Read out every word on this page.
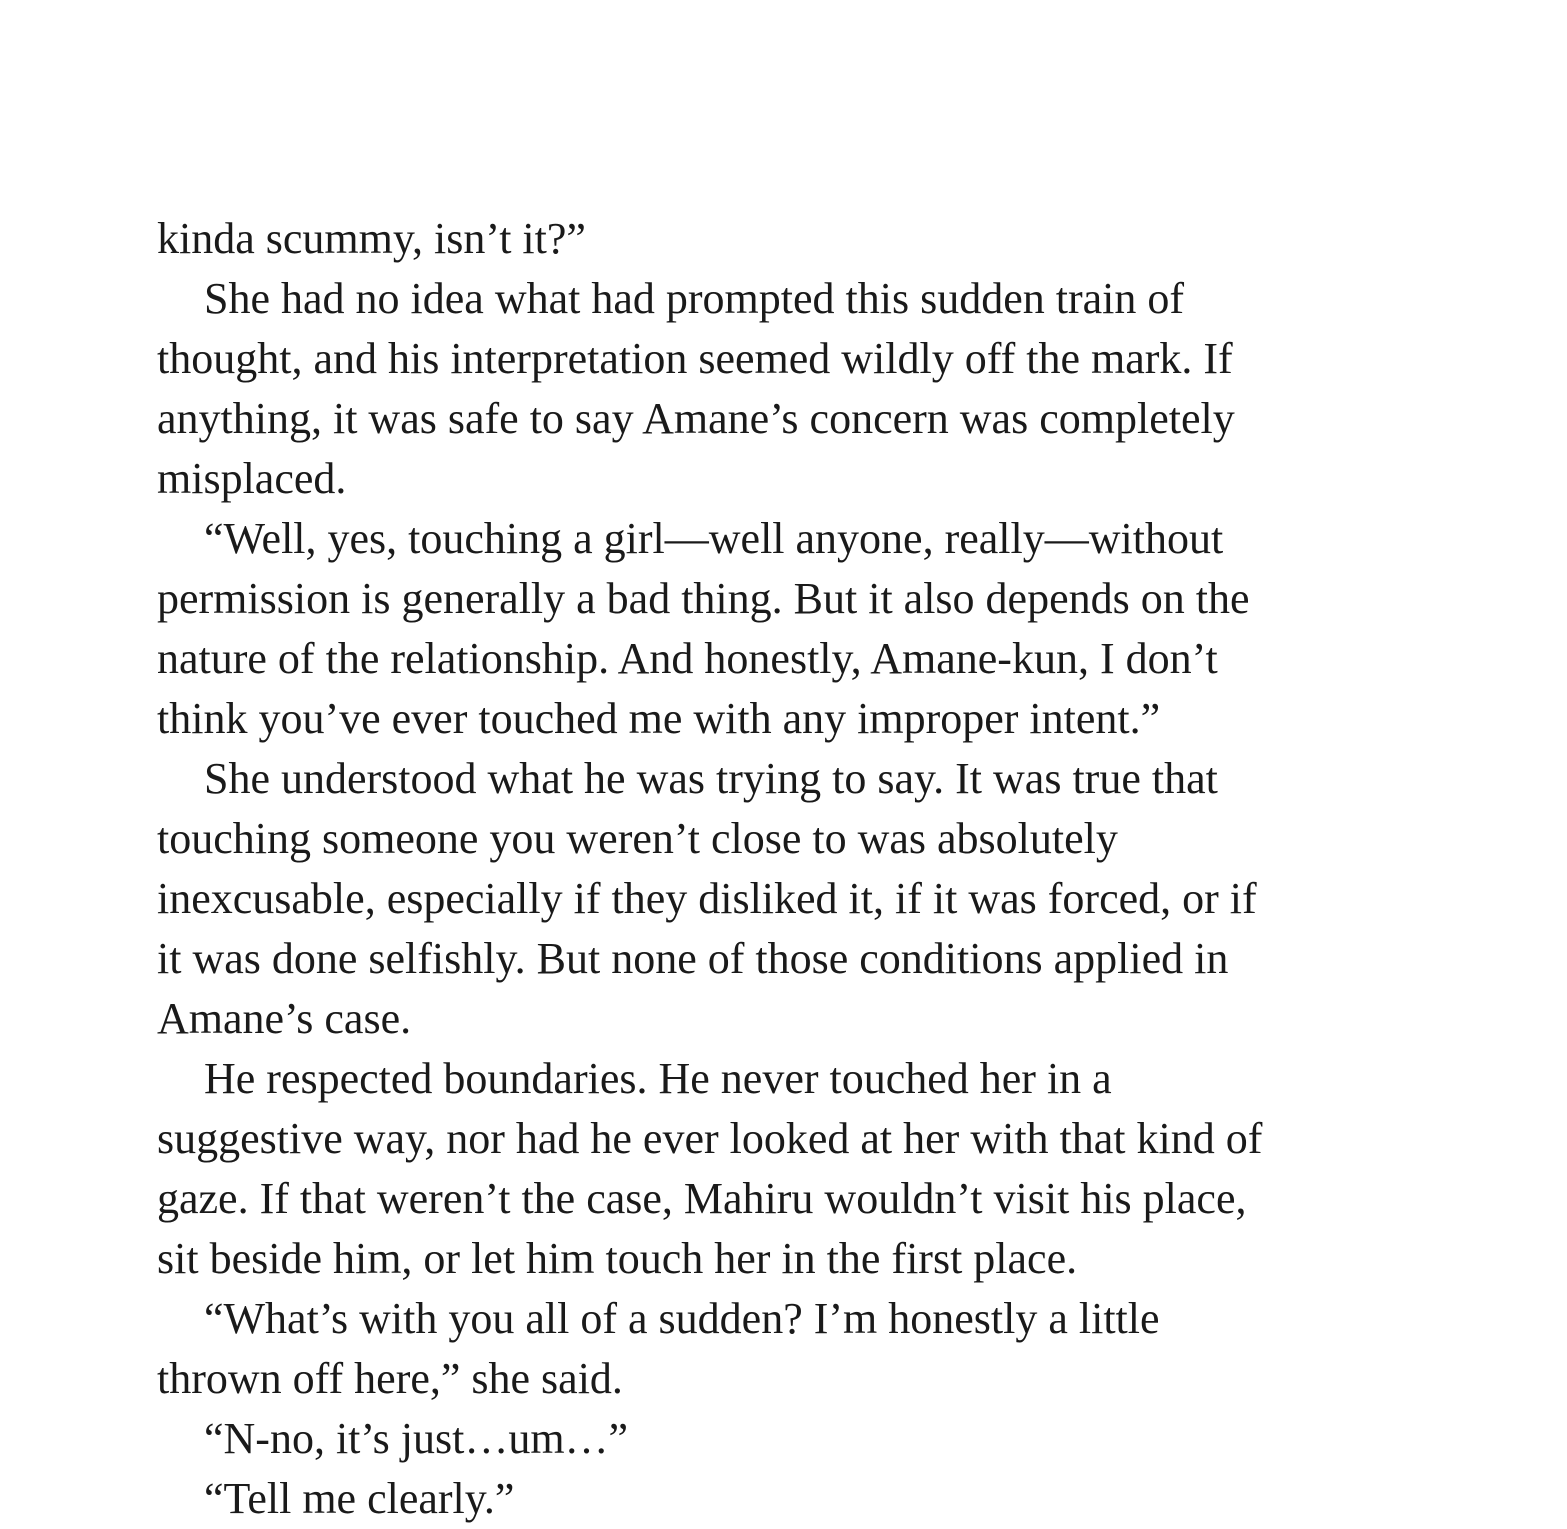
kinda scummy, isn’t it?”
She had no idea what had prompted this sudden train of
thought, and his interpretation seemed wildly off the mark. If
anything, it was safe to say Amane’s concern was completely
misplaced.
“Well, yes, touching a girl—well anyone, really—without
permission is generally a bad thing. But it also depends on the
nature of the relationship. And honestly, Amane-kun, I don’t
think you’ve ever touched me with any improper intent.”
She understood what he was trying to say. It was true that
touching someone you weren’t close to was absolutely
inexcusable, especially if they disliked it, if it was forced, or if
it was done selfishly. But none of those conditions applied in
Amane’s case.
He respected boundaries. He never touched her in a
suggestive way, nor had he ever looked at her with that kind of
gaze. If that weren’t the case, Mahiru wouldn’t visit his place,
sit beside him, or let him touch her in the first place.
“What’s with you all of a sudden? I’m honestly a little
thrown off here,” she said.
“N-no, it’s just…um…”
“Tell me clearly.”
